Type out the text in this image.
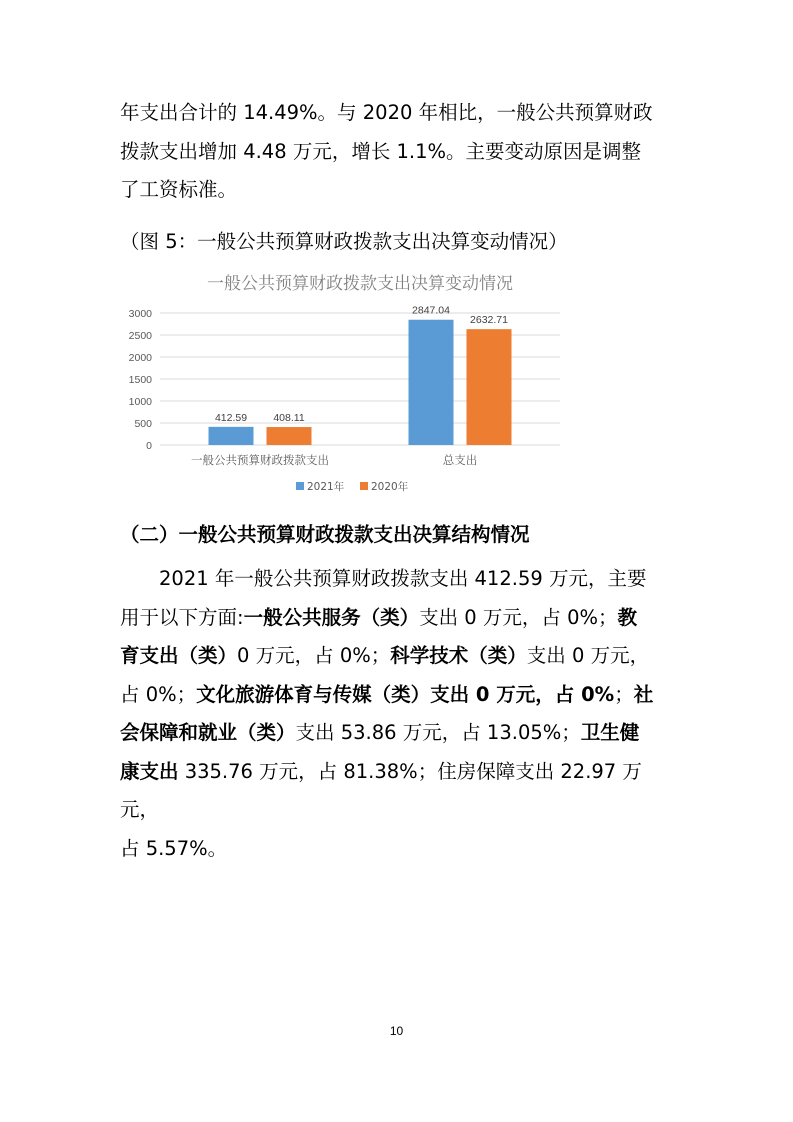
年支出合计的 14.49%。与 2020 年相比，一般公共预算财政
拨款支出增加 4.48 万元，增长 1.1%。主要变动原因是调整
了工资标准。

（图 5：一般公共预算财政拨款支出决算变动情况）

一般公共预算财政拨款支出决算变动情况
0
500
1000
1500
2000
2500
3000
412.59	408.11
一般公共预算财政拨款支出
2847.04
2632.71
总支出
2021年	2020年

（二）一般公共预算财政拨款支出决算结构情况

2021 年一般公共预算财政拨款支出 412.59 万元，主要
用于以下方面:一般公共服务（类）支出 0 万元，占 0%；教
育支出（类）0 万元，占 0%；科学技术（类）支出 0 万元，
占 0%；文化旅游体育与传媒（类）支出 0 万元，占 0%；社
会保障和就业（类）支出 53.86 万元，占 13.05%；卫生健
康支出 335.76 万元，占 81.38%；住房保障支出 22.97 万元，
占 5.57%。
10
